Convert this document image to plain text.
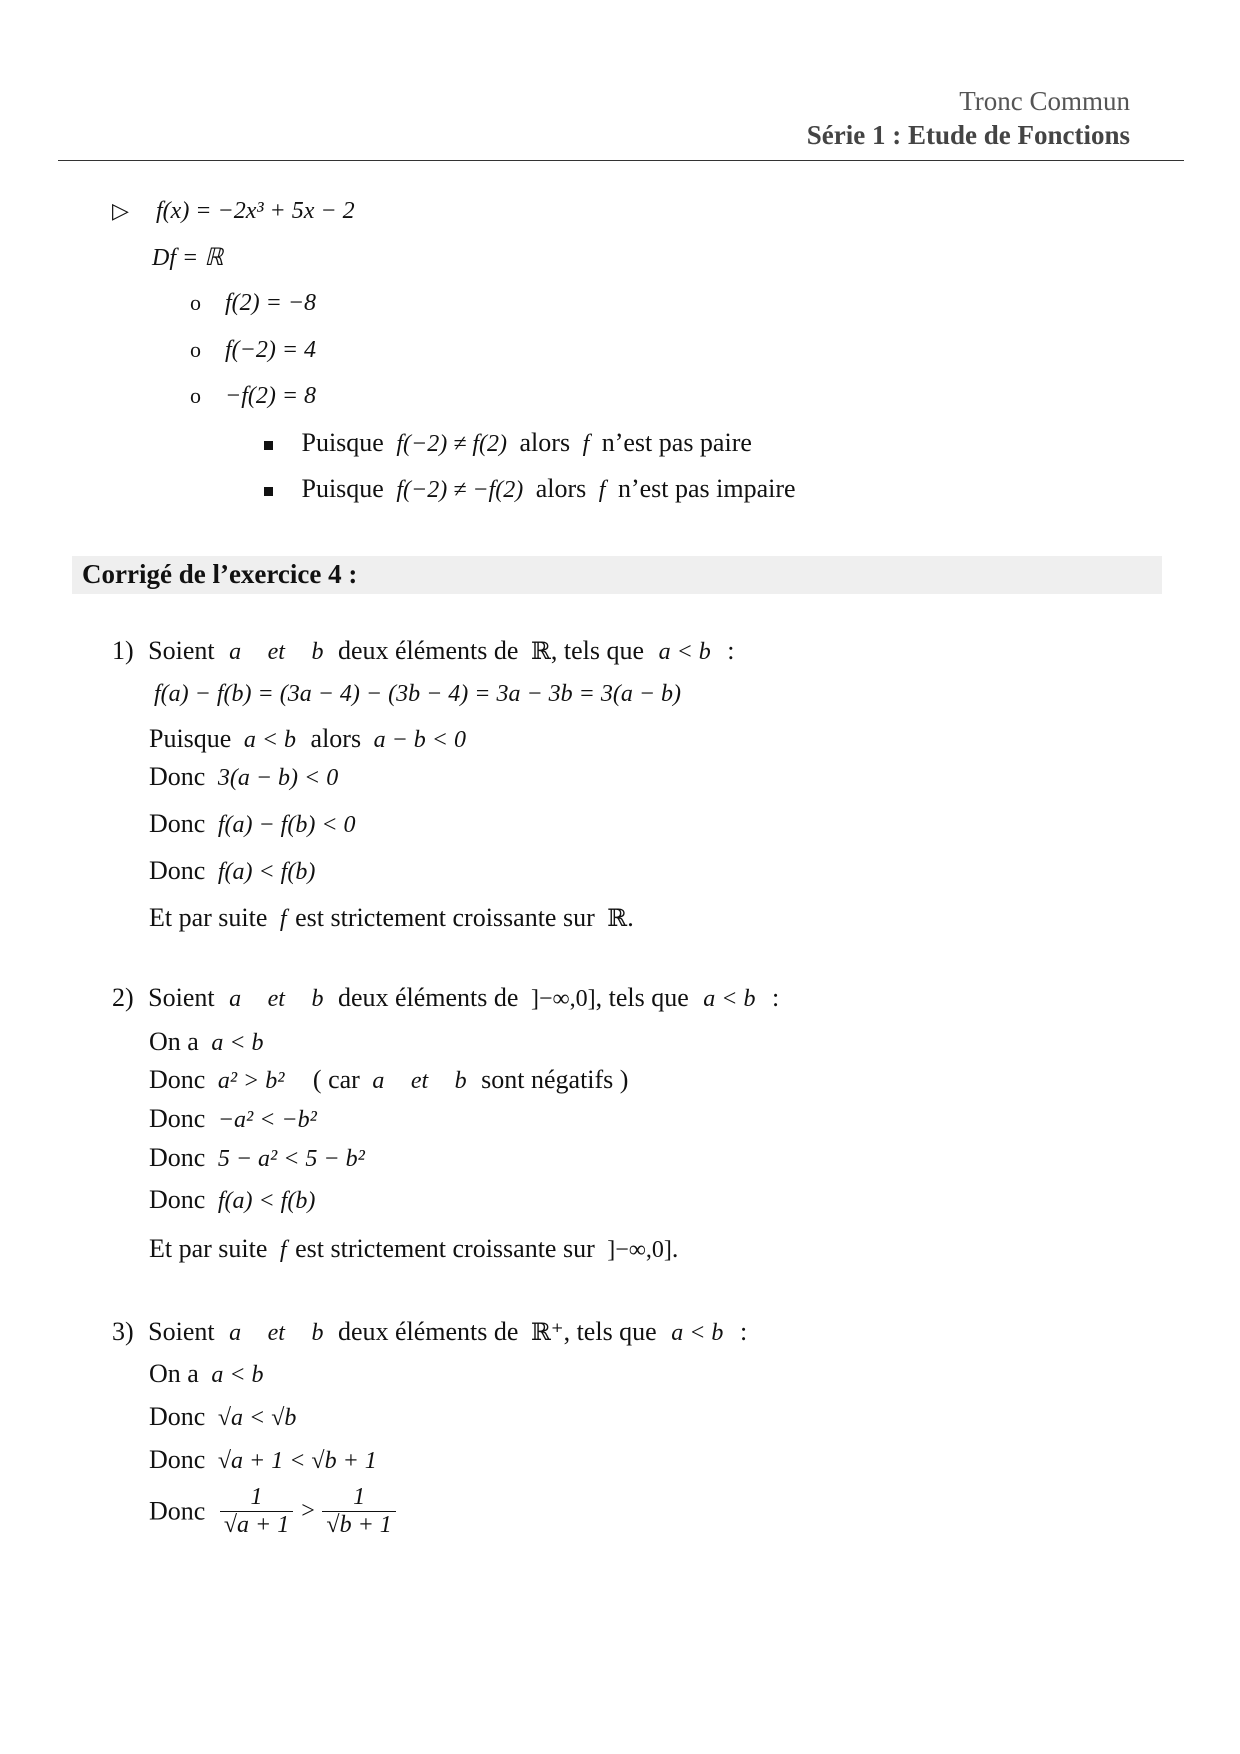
Tronc Commun
Série 1 : Etude de Fonctions
▷ f(x) = −2x³ + 5x − 2
Df = ℝ
o f(2) = −8
o f(−2) = 4
o −f(2) = 8
Puisque f(−2) ≠ f(2) alors f n’est pas paire
Puisque f(−2) ≠ −f(2) alors f n’est pas impaire
Corrigé de l’exercice 4 :
1) Soient a et b deux éléments de ℝ, tels que a < b :
f(a) − f(b) = (3a − 4) − (3b − 4) = 3a − 3b = 3(a − b)
Puisque a < b alors a − b < 0
Donc 3(a − b) < 0
Donc f(a) − f(b) < 0
Donc f(a) < f(b)
Et par suite f est strictement croissante sur ℝ.
2) Soient a et b deux éléments de ]−∞,0], tels que a < b :
On a a < b
Donc a² > b² ( car a et b sont négatifs )
Donc −a² < −b²
Donc 5 − a² < 5 − b²
Donc f(a) < f(b)
Et par suite f est strictement croissante sur ]−∞,0].
3) Soient a et b deux éléments de ℝ⁺, tels que a < b :
On a a < b
Donc √a < √b
Donc √a + 1 < √b + 1
Donc $\frac{1}{√a + 1} > \frac{1}{√b + 1}$
